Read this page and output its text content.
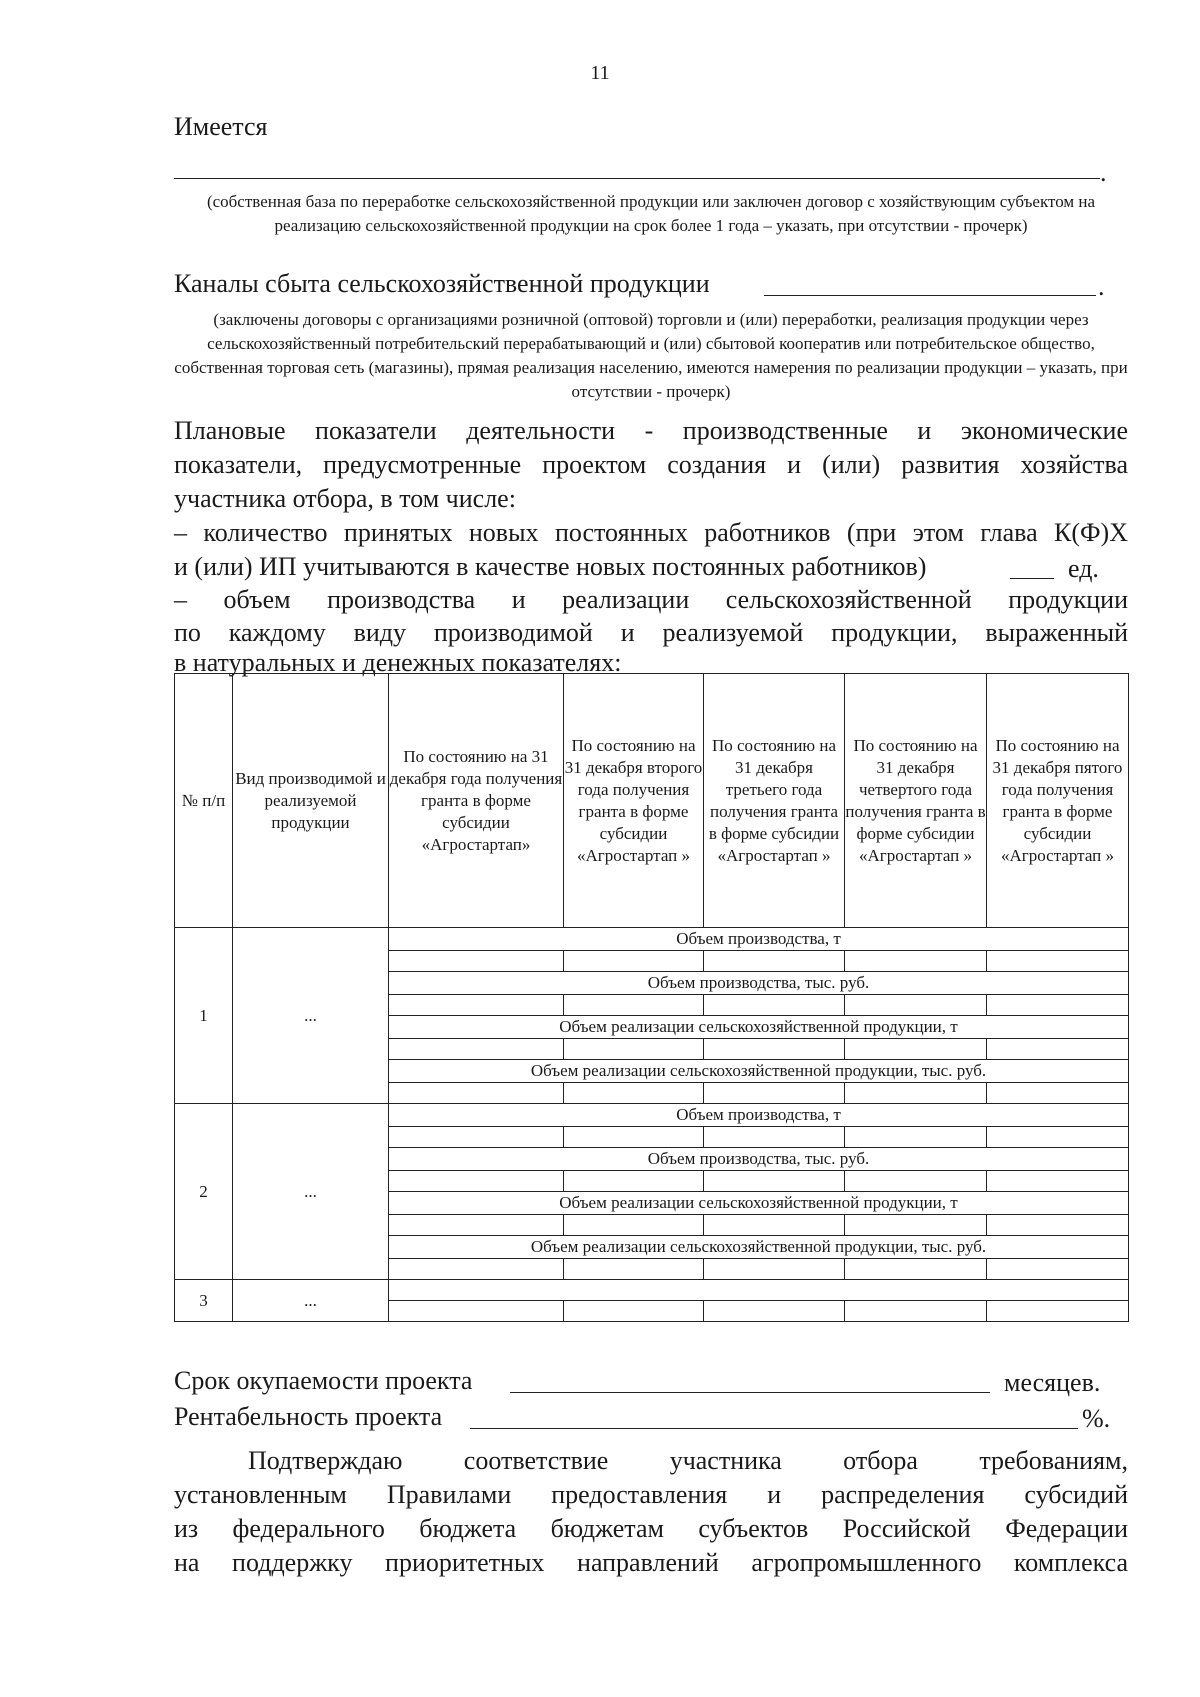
11
Имеется
.
(собственная база по переработке сельскохозяйственной продукции или заключен договор с хозяйствующим субъектом на реализацию сельскохозяйственной продукции на срок более 1 года – указать, при отсутствии - прочерк)
Каналы сбыта сельскохозяйственной продукции	.
(заключены договоры с организациями розничной (оптовой) торговли и (или) переработки, реализация продукции через сельскохозяйственный потребительский перерабатывающий и (или) сбытовой кооператив или потребительское общество, собственная торговая сеть (магазины), прямая реализация населению, имеются намерения по реализации продукции – указать, при отсутствии - прочерк)
Плановые показатели деятельности - производственные и экономические
показатели, предусмотренные проектом создания и (или) развития хозяйства
участника отбора, в том числе:
– количество принятых новых постоянных работников (при этом глава К(Ф)Х
и (или) ИП учитываются в качестве новых постоянных работников)	ед.
– объем производства и реализации сельскохозяйственной продукции
по каждому виду производимой и реализуемой продукции, выраженный
в натуральных и денежных показателях:
№ п/п	Вид производимой и реализуемой продукции	По состоянию на 31 декабря года получения гранта в форме субсидии «Агростартап»	По состоянию на 31 декабря второго года получения гранта в форме субсидии «Агростартап »	По состоянию на 31 декабря третьего года получения гранта в форме субсидии «Агростартап »	По состоянию на 31 декабря четвертого года получения гранта в форме субсидии «Агростартап »	По состоянию на 31 декабря пятого года получения гранта в форме субсидии «Агростартап »
1	...	Объем производства, т				

		Объем производства, тыс. руб.				

		Объем реализации сельскохозяйственной продукции, т				

		Объем реализации сельскохозяйственной продукции, тыс. руб.				

2	...	Объем производства, т				

		Объем производства, тыс. руб.				

		Объем реализации сельскохозяйственной продукции, т				

		Объем реализации сельскохозяйственной продукции, тыс. руб.				

3	...					

Срок окупаемости проекта	месяцев.
Рентабельность проекта	%.
Подтверждаю соответствие участника отбора требованиям,
установленным Правилами предоставления и распределения субсидий
из федерального бюджета бюджетам субъектов Российской Федерации
на поддержку приоритетных направлений агропромышленного комплекса
